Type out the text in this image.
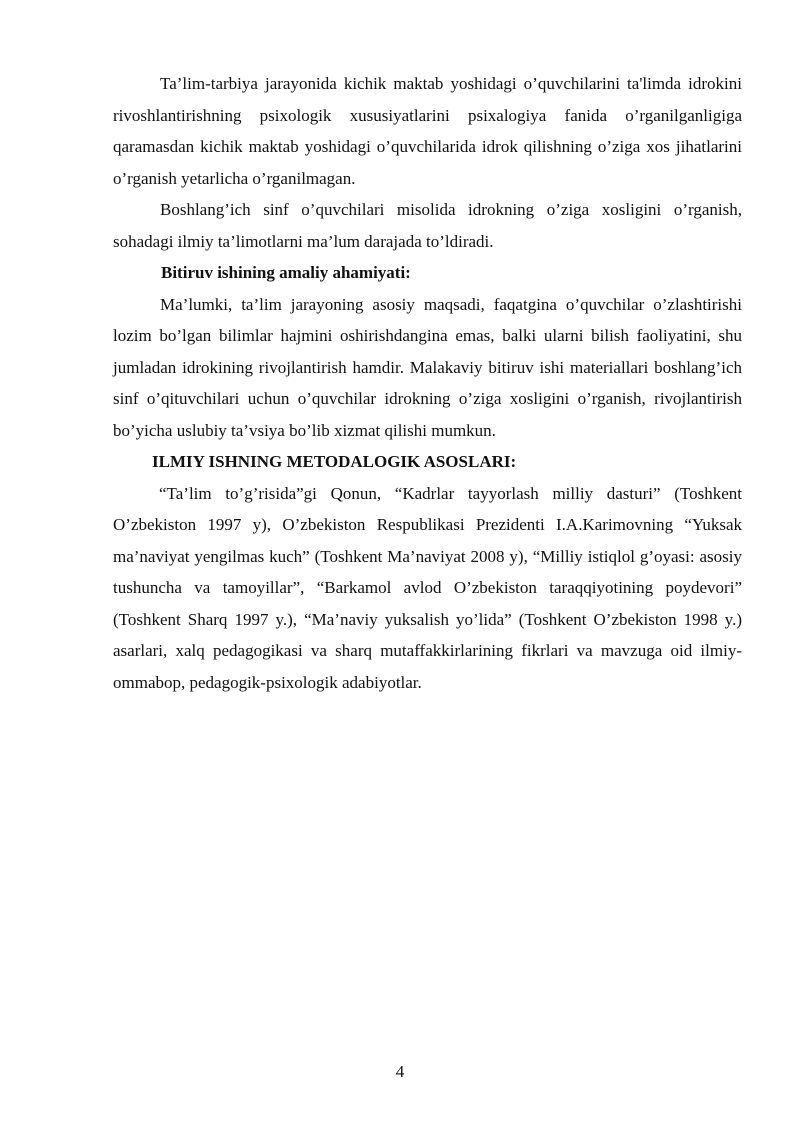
Ta’lim-tarbiya jarayonida kichik maktab yoshidagi o’quvchilarini ta'limda idrokini rivoshlantirishning psixologik xususiyatlarini psixalogiya fanida o’rganilganligiga qaramasdan kichik maktab yoshidagi o’quvchilarida idrok qilishning o’ziga xos jihatlarini o’rganish yetarlicha o’rganilmagan.

Boshlang’ich sinf o’quvchilari misolida idrokning o’ziga xosligini o’rganish, sohadagi ilmiy ta’limotlarni ma’lum darajada to’ldiradi.

Bitiruv ishining amaliy ahamiyati:

Ma’lumki, ta’lim jarayoning asosiy maqsadi, faqatgina o’quvchilar o’zlashtirishi lozim bo’lgan bilimlar hajmini oshirishdangina emas, balki ularni bilish faoliyatini, shu jumladan idrokining rivojlantirish hamdir. Malakaviy bitiruv ishi materiallari boshlang’ich sinf o’qituvchilari uchun o’quvchilar idrokning o’ziga xosligini o’rganish, rivojlantirish bo’yicha uslubiy ta’vsiya bo’lib xizmat qilishi mumkun.

ILMIY ISHNING METODALOGIK ASOSLARI:

“Ta’lim to’g’risida”gi Qonun, “Kadrlar tayyorlash milliy dasturi” (Toshkent O’zbekiston 1997 y), O’zbekiston Respublikasi Prezidenti I.A.Karimovning “Yuksak ma’naviyat yengilmas kuch” (Toshkent Ma’naviyat 2008 y), “Milliy istiqlol g’oyasi: asosiy tushuncha va tamoyillar”, “Barkamol avlod O’zbekiston taraqqiyotining poydevori” (Toshkent Sharq 1997 y.), “Ma’naviy yuksalish yo’lida” (Toshkent O’zbekiston 1998 y.) asarlari, xalq pedagogikasi va sharq mutaffakkirlarining fikrlari va mavzuga oid ilmiy-ommabop, pedagogik-psixologik adabiyotlar.

4
